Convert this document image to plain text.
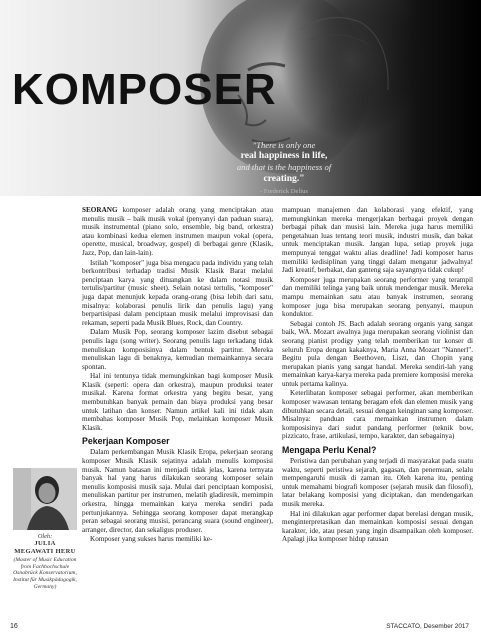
KOMPOSER
"There is only one
real happiness in life,
and that is the happiness of
creating."
- Frederick Delius

SEORANG komposer adalah orang yang menciptakan atau menulis musik – baik musik vokal (penyanyi dan paduan suara), musik instrumental (piano solo, ensemble, big band, orkestra) atau kombinasi kedua elemen instrumen maupun vokal (opera, operette, musical, broadway, gospel) di berbagai genre (Klasik, Jazz, Pop, dan lain-lain).

Istilah "komposer" juga bisa mengacu pada individu yang telah berkontribusi terhadap tradisi Musik Klasik Barat melalui penciptaan karya yang dituangkan ke dalam notasi musik tertulis/partitur (music sheet). Selain notasi tertulis, "komposer" juga dapat menunjuk kepada orang-orang (bisa lebih dari satu, misalnya: kolaborasi penulis lirik dan penulis lagu) yang berpartisipasi dalam penciptaan musik melalui improvisasi dan rekaman, seperti pada Musik Blues, Rock, dan Country.

Dalam Musik Pop, seorang komposer lazim disebut sebagai penulis lagu (song writer). Seorang penulis lagu terkadang tidak menuliskan komposisinya dalam bentuk partitur. Mereka menuliskan lagu di benaknya, kemudian memainkannya secara spontan.

Hal ini tentunya tidak memungkinkan bagi komposer Musik Klasik (seperti: opera dan orkestra), maupun produksi teater musikal. Karena format orkestra yang begitu besar, yang membutuhkan banyak pemain dan biaya produksi yang besar untuk latihan dan konser. Namun artikel kali ini tidak akan membahas komposer Musik Pop, melainkan komposer Musik Klasik.

Pekerjaan Komposer

Dalam perkembangan Musik Klasik Eropa, pekerjaan seorang komposer Musik Klasik sejatinya adalah menulis komposisi musik. Namun batasan ini menjadi tidak jelas, karena ternyata banyak hal yang harus dilakukan seorang komposer selain menulis komposisi musik saja. Mulai dari penciptaan komposisi, menuliskan partitur per instrumen, melatih gladiresik, memimpin orkestra, hingga memainkan karya mereka sendiri pada pertunjukannya. Sehingga seorang komposer dapat merangkap peran sebagai seorang musisi, perancang suara (sound engineer), arranger, director, dan sekaligus produser.

Komposer yang sukses harus memiliki ke-

mampuan manajemen dan kolaborasi yang efektif, yang memungkinkan mereka mengerjakan berbagai proyek dengan berbagai pihak dan musisi lain. Mereka juga harus memiliki pengetahuan luas tentang teori musik, industri musik, dan bakat untuk menciptakan musik. Jangan lupa, setiap proyek juga mempunyai tenggat waktu alias deadline! Jadi komposer harus memiliki kedisiplinan yang tinggi dalam mengatur jadwalnya! Jadi kreatif, berbakat, dan ganteng saja sayangnya tidak cukup!

Komposer juga merupakan seorang performer yang terampil dan memiliki telinga yang baik untuk mendengar musik. Mereka mampu memainkan satu atau banyak instrumen, seorang komposer juga bisa merupakan seorang penyanyi, maupun konduktor.

Sebagai contoh JS. Bach adalah seorang organis yang sangat baik, WA. Mozart awalnya juga merupakan seorang violinist dan seorang pianist prodigy yang telah memberikan tur konser di seluruh Eropa dengan kakaknya, Maria Anna Mozart "Nannerl". Begitu pula dengan Beethoven, Liszt, dan Chopin yang merupakan pianis yang sangat handal. Mereka sendiri-lah yang memainkan karya-karya mereka pada premiere komposisi mereka untuk pertama kalinya.

Keterlibatan komposer sebagai performer, akan memberikan komposer wawasan tentang beragam efek dan elemen musik yang dibutuhkan secara detail, sesuai dengan keinginan sang komposer. Misalnya: panduan cara memainkan instrumen dalam komposisinya dari sudut pandang performer (teknik bow, pizzicato, frase, artikulasi, tempo, karakter, dan sebagainya)

Mengapa Perlu Kenal?

Peristiwa dan perubahan yang terjadi di masyarakat pada suatu waktu, seperti peristiwa sejarah, gagasan, dan penemuan, selalu mempengaruhi musik di zaman itu. Oleh karena itu, penting untuk memahami biografi komposer (sejarah musik dan filosofi), latar belakang komposisi yang diciptakan, dan mendengarkan musik mereka.

Hal ini dilakukan agar performer dapat berelasi dengan musik, menginterpretasikan dan memainkan komposisi sesuai dengan karakter, ide, atau pesan yang ingin disampaikan oleh komposer. Apalagi jika komposer hidup ratusan

Oleh:
JULIA
MEGAWATI HERU
(Master of Music Education from Fachhochschule Osnabrück Konservatorium, Institut für Musikpädagogik, Germany)
16	STACCATO, Desember 2017
